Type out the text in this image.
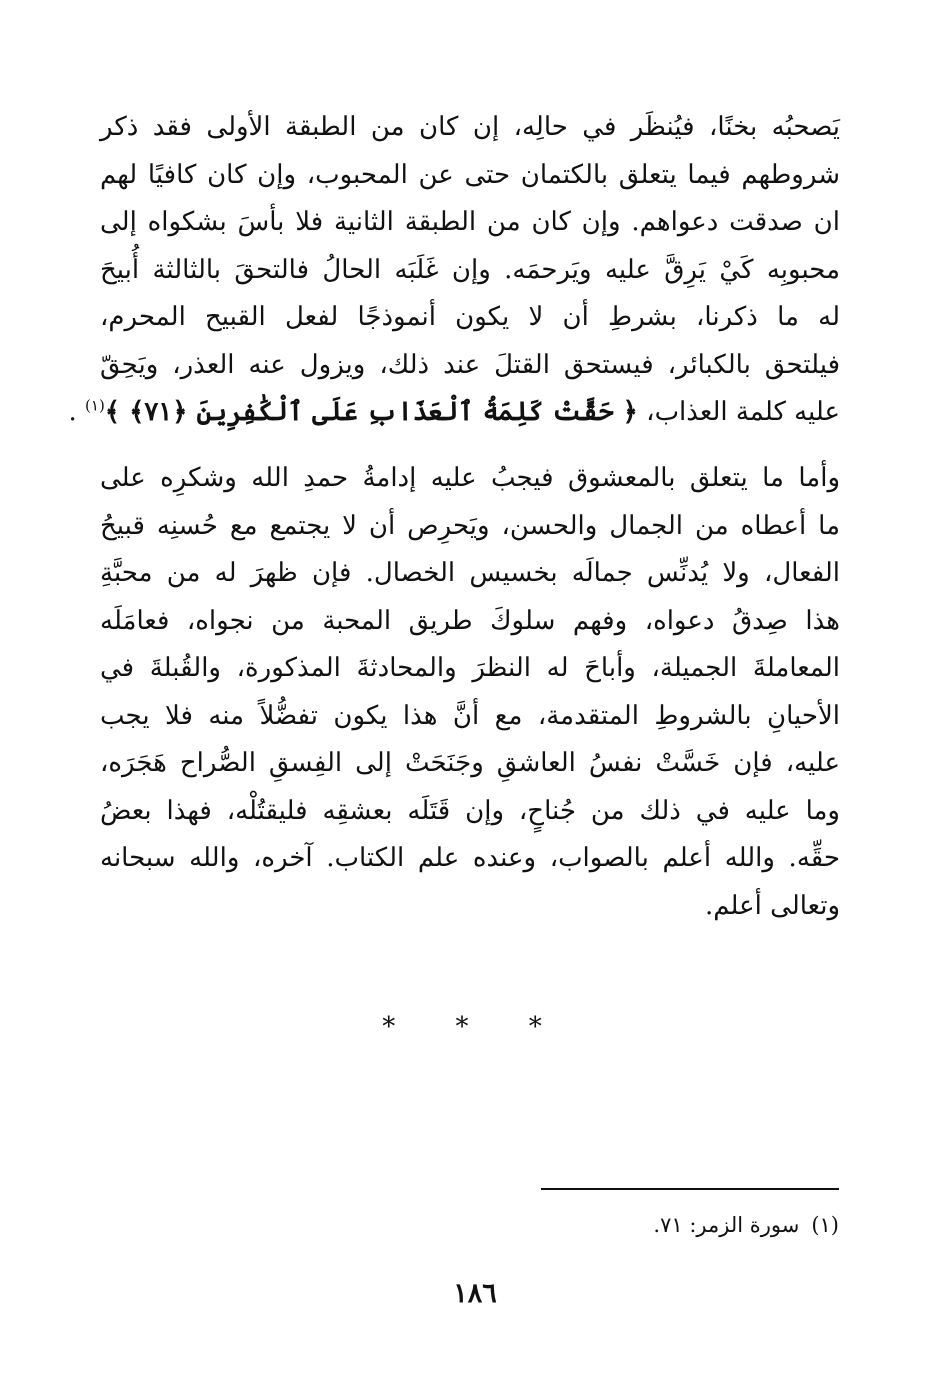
يَصحبُه بخنًا، فيُنظَر في حالِه، إن كان من الطبقة الأولى فقد ذكر
شروطهم فيما يتعلق بالكتمان حتى عن المحبوب، وإن كان كافيًا لهم
ان صدقت دعواهم. وإن كان من الطبقة الثانية فلا بأسَ بشكواه إلى
محبوبِه كَيْ يَرِقَّ عليه ويَرحمَه. وإن غَلَبَه الحالُ فالتحقَ بالثالثة أُبيحَ
له ما ذكرنا، بشرطِ أن لا يكون أنموذجًا لفعل القبيح المحرم،
فيلتحق بالكبائر، فيستحق القتلَ عند ذلك، ويزول عنه العذر، ويَحِقّ
عليه كلمة العذاب، ﴿ حَقَّتْ كَلِمَةُ ٱلْعَذَابِ عَلَى ٱلْكَٰفِرِينَ ﴿٧١﴾ ﴾$^{(١)}$ .
وأما ما يتعلق بالمعشوق فيجبُ عليه إدامةُ حمدِ الله وشكرِه على
ما أعطاه من الجمال والحسن، ويَحرِص أن لا يجتمع مع حُسنِه قبيحُ
الفعال، ولا يُدنِّس جمالَه بخسيس الخصال. فإن ظهرَ له من محبَّةِ
هذا صِدقُ دعواه، وفهم سلوكَ طريق المحبة من نجواه، فعامَلَه
المعاملةَ الجميلة، وأباحَ له النظرَ والمحادثةَ المذكورة، والقُبلةَ في
الأحيانِ بالشروطِ المتقدمة، مع أنَّ هذا يكون تفضُّلاً منه فلا يجب
عليه، فإن خَسَّتْ نفسُ العاشقِ وجَنَحَتْ إلى الفِسقِ الصُّراح هَجَرَه،
وما عليه في ذلك من جُناحٍ، وإن قَتَلَه بعشقِه فليقتُلْه، فهذا بعضُ
حقِّه. والله أعلم بالصواب، وعنده علم الكتاب. آخره، والله سبحانه
وتعالى أعلم.
* * *
(١)سورة الزمر: ٧١.
١٨٦
